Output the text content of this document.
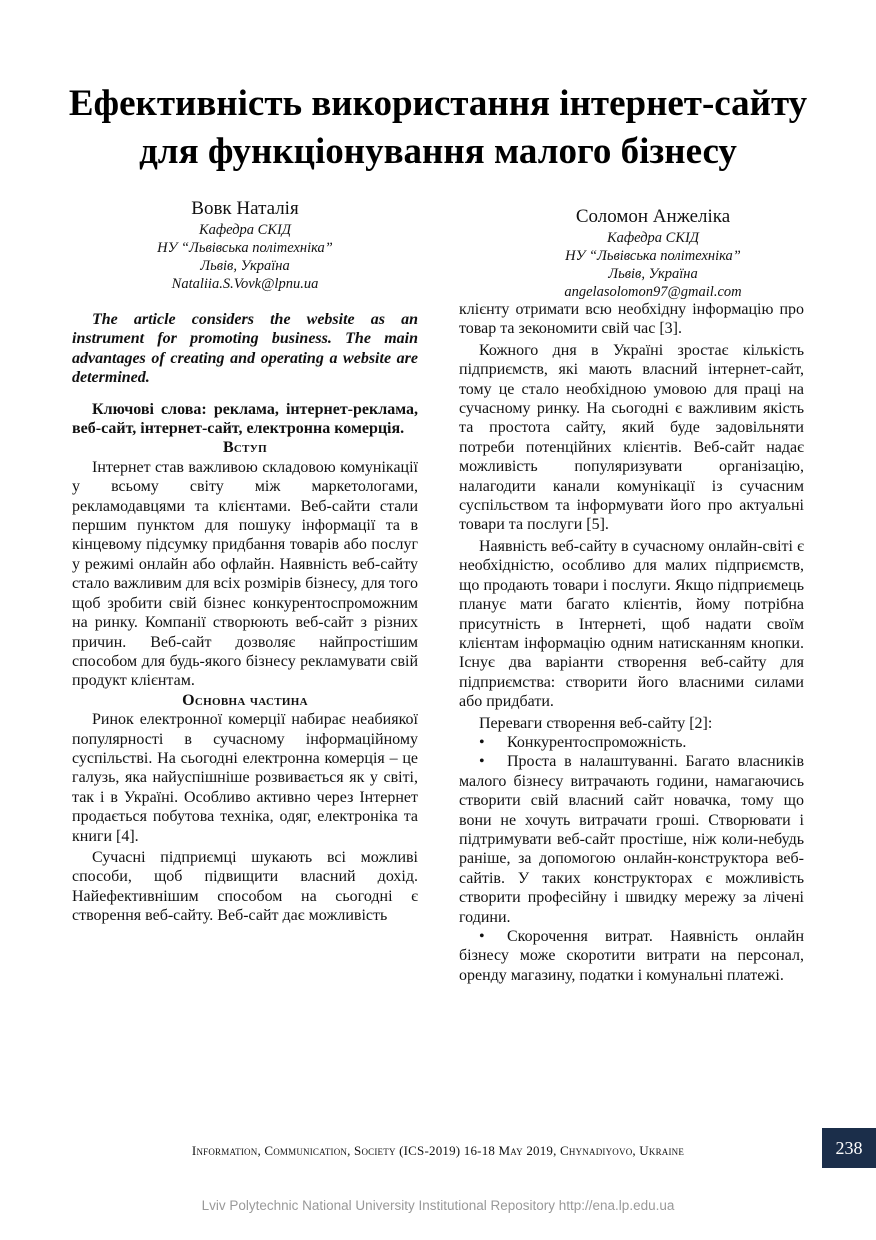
Ефективність використання інтернет-сайту
для функціонування малого бізнесу
Вовк Наталія
Кафедра СКІД
НУ “Львівська політехніка”
Львів, Україна
Nataliia.S.Vovk@lpnu.ua
Соломон Анжеліка
Кафедра СКІД
НУ “Львівська політехніка”
Львів, Україна
angelasolomon97@gmail.com

The article considers the website as an instrument for promoting business. The main advantages of creating and operating a website are determined.

Ключові слова: реклама, інтернет-реклама, веб-сайт, інтернет-сайт, електронна комерція.

Вступ

Інтернет став важливою складовою комунікації у всьому світу між маркетологами, рекламодавцями та клієнтами. Веб-сайти стали першим пунктом для пошуку інформації та в кінцевому підсумку придбання товарів або послуг у режимі онлайн або офлайн. Наявність веб-сайту стало важливим для всіх розмірів бізнесу, для того щоб зробити свій бізнес конкурентоспроможним на ринку. Компанії створюють веб-сайт з різних причин. Веб-сайт дозволяє найпростішим способом для будь-якого бізнесу рекламувати свій продукт клієнтам.

Основна частина

Ринок електронної комерції набирає неабиякої популярності в сучасному інформаційному суспільстві. На сьогодні електронна комерція – це галузь, яка найуспішніше розвивається як у світі, так і в Україні. Особливо активно через Інтернет продається побутова техніка, одяг, електроніка та книги [4].

Сучасні підприємці шукають всі можливі способи, щоб підвищити власний дохід. Найефективнішим способом на сьогодні є створення веб-сайту. Веб-сайт дає можливість

клієнту отримати всю необхідну інформацію про товар та зекономити свій час [3].

Кожного дня в Україні зростає кількість підприємств, які мають власний інтернет-сайт, тому це стало необхідною умовою для праці на сучасному ринку. На сьогодні є важливим якість та простота сайту, який буде задовільняти потреби потенційних клієнтів. Веб-сайт надає можливість популяризувати організацію, налагодити канали комунікації із сучасним суспільством та інформувати його про актуальні товари та послуги [5].

Наявність веб-сайту в сучасному онлайн-світі є необхідністю, особливо для малих підприємств, що продають товари і послуги. Якщо підприємець планує мати багато клієнтів, йому потрібна присутність в Інтернеті, щоб надати своїм клієнтам інформацію одним натисканням кнопки. Існує два варіанти створення веб-сайту для підприємства: створити його власними силами або придбати.

Переваги створення веб-сайту [2]:

• Конкурентоспроможність.
• Проста в налаштуванні. Багато власників малого бізнесу витрачають години, намагаючись створити свій власний сайт новачка, тому що вони не хочуть витрачати гроші. Створювати і підтримувати веб-сайт простіше, ніж коли-небудь раніше, за допомогою онлайн-конструктора веб-сайтів. У таких конструкторах є можливість створити професійну і швидку мережу за лічені години.
• Скорочення витрат. Наявність онлайн бізнесу може скоротити витрати на персонал, оренду магазину, податки і комунальні платежі.
Information, Communication, Society (ICS-2019) 16-18 May 2019, Chynadiyovo, Ukraine	238
Lviv Polytechnic National University Institutional Repository http://ena.lp.edu.ua
